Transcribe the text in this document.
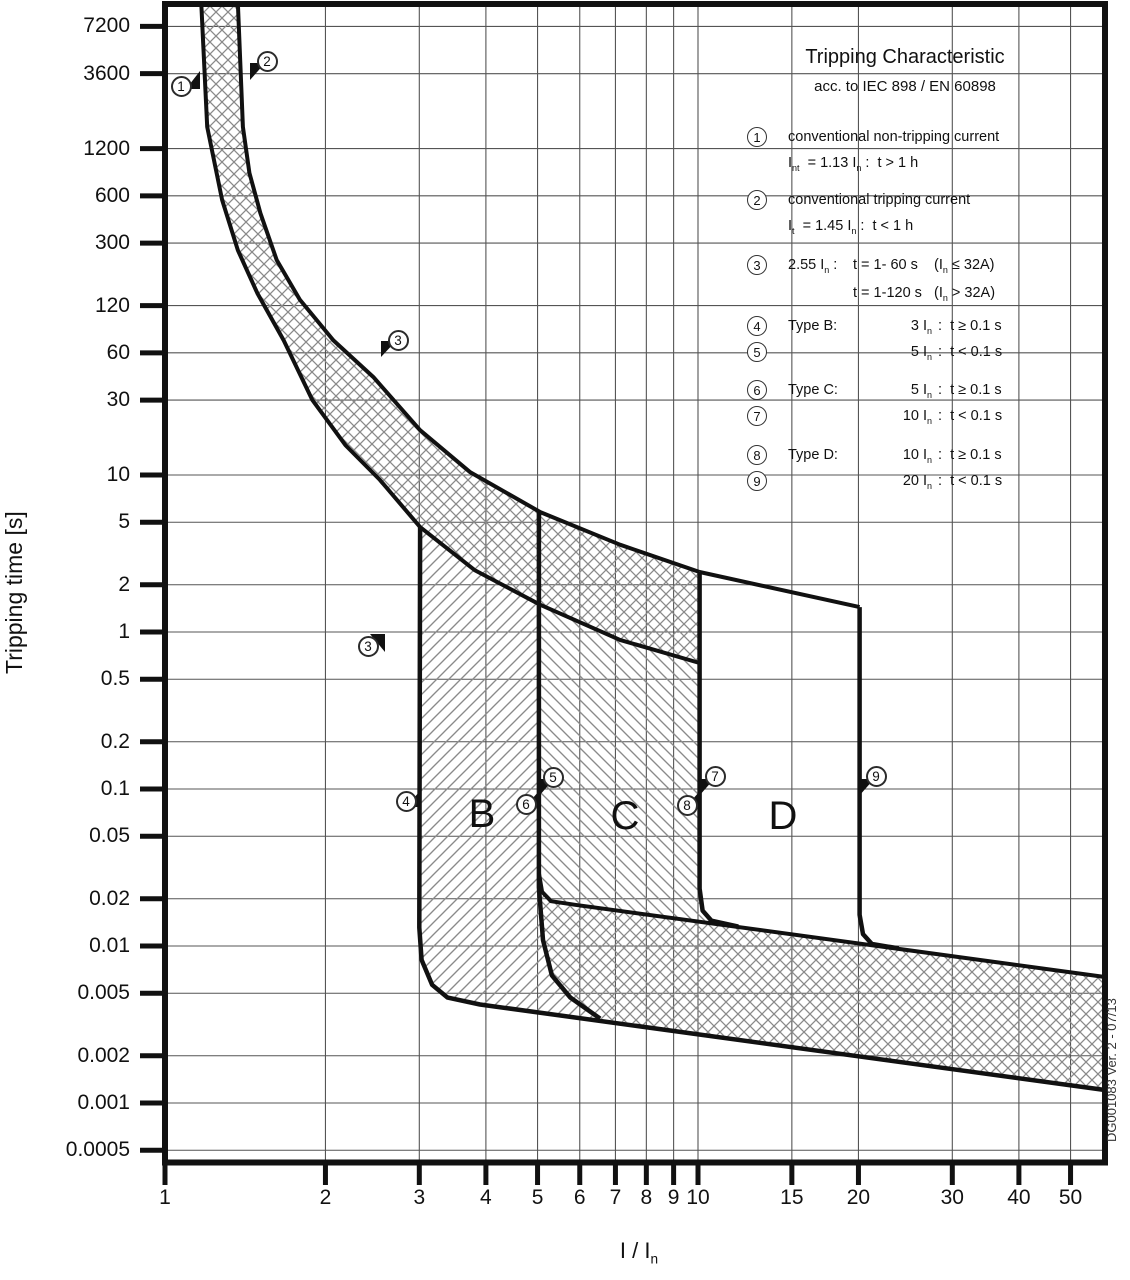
Tripping time [s]
I / $I_n$
Tripping Characteristic
acc. to IEC 898 / EN 60898
DG001083 Ver. 2 - 07/13
7200
3600
1200
600
300
120
60
30
10
5
2
1
0.5
0.2
0.1
0.05
0.02
0.01
0.005
0.002
0.001
0.0005
1	2	3	4	5	6	7 8 9 10	15	20	30	40	50
1	conventional non-tripping current
$I_{nt} = 1.13$ $I_n$ :  t > 1 h
2	conventional tripping current
$I_t = 1.45$ $I_n$ :  t < 1 h
3	2.55 $I_n$ : t = 1- 60 s    $(I_n \le 32A)$
t = 1-120 s   $(I_n > 32A)$
4	Type B:	3 $I_n$ :  t ≥ 0.1 s
5	5 $I_n$ :  t < 0.1 s
6	Type C:	5 $I_n$ :  t ≥ 0.1 s
7	10 $I_n$ :  t < 0.1 s
8	Type D:	10 $I_n$ :  t ≥ 0.1 s
9	20 $I_n$ :  t < 0.1 s
1
2
3
3
4
5
6
7
8
9
B	C	D
